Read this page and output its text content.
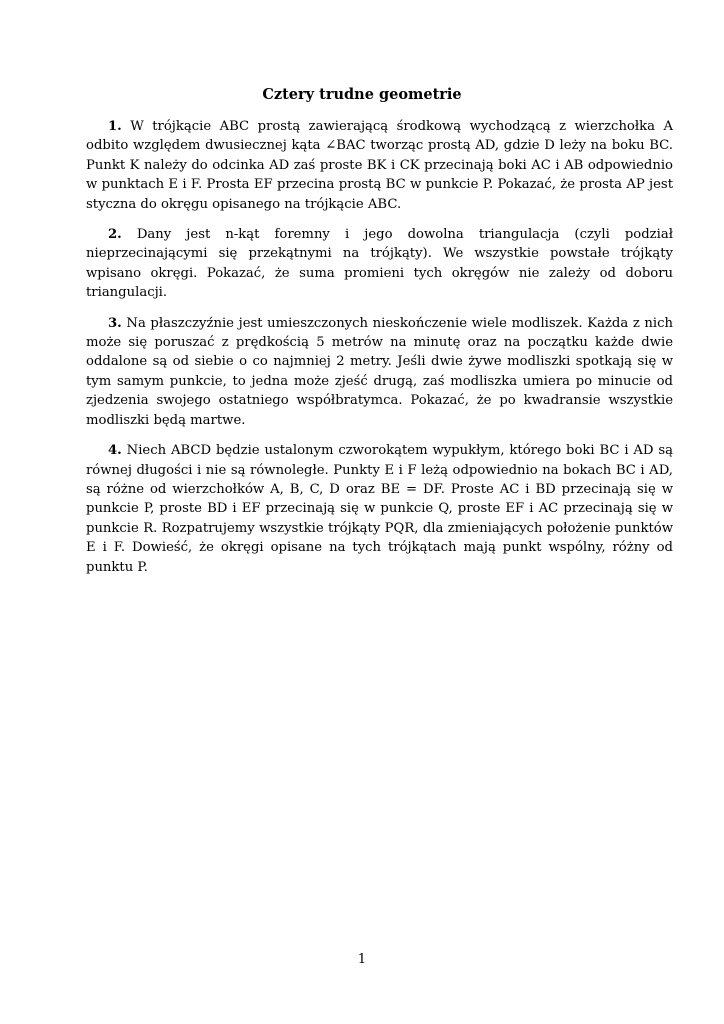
Cztery trudne geometrie

1. W trójkącie ABC prostą zawierającą środkową wychodzącą z wierzchołka A odbito względem dwusiecznej kąta ∠BAC tworząc prostą AD, gdzie D leży na boku BC. Punkt K należy do odcinka AD zaś proste BK i CK przecinają boki AC i AB odpowiednio w punktach E i F. Prosta EF przecina prostą BC w punkcie P. Pokazać, że prosta AP jest styczna do okręgu opisanego na trójkącie ABC.

2. Dany jest n-kąt foremny i jego dowolna triangulacja (czyli podział nieprzecinającymi się przekątnymi na trójkąty). We wszystkie powstałe trójkąty wpisano okręgi. Pokazać, że suma promieni tych okręgów nie zależy od doboru triangulacji.

3. Na płaszczyźnie jest umieszczonych nieskończenie wiele modliszek. Każda z nich może się poruszać z prędkością 5 metrów na minutę oraz na początku każde dwie oddalone są od siebie o co najmniej 2 metry. Jeśli dwie żywe modliszki spotkają się w tym samym punkcie, to jedna może zjeść drugą, zaś modliszka umiera po minucie od zjedzenia swojego ostatniego współbratymca. Pokazać, że po kwadransie wszystkie modliszki będą martwe.

4. Niech ABCD będzie ustalonym czworokątem wypukłym, którego boki BC i AD są równej długości i nie są równoległe. Punkty E i F leżą odpowiednio na bokach BC i AD, są różne od wierzchołków A, B, C, D oraz BE = DF. Proste AC i BD przecinają się w punkcie P, proste BD i EF przecinają się w punkcie Q, proste EF i AC przecinają się w punkcie R. Rozpatrujemy wszystkie trójkąty PQR, dla zmieniających położenie punktów E i F. Dowieść, że okręgi opisane na tych trójkątach mają punkt wspólny, różny od punktu P.

1
